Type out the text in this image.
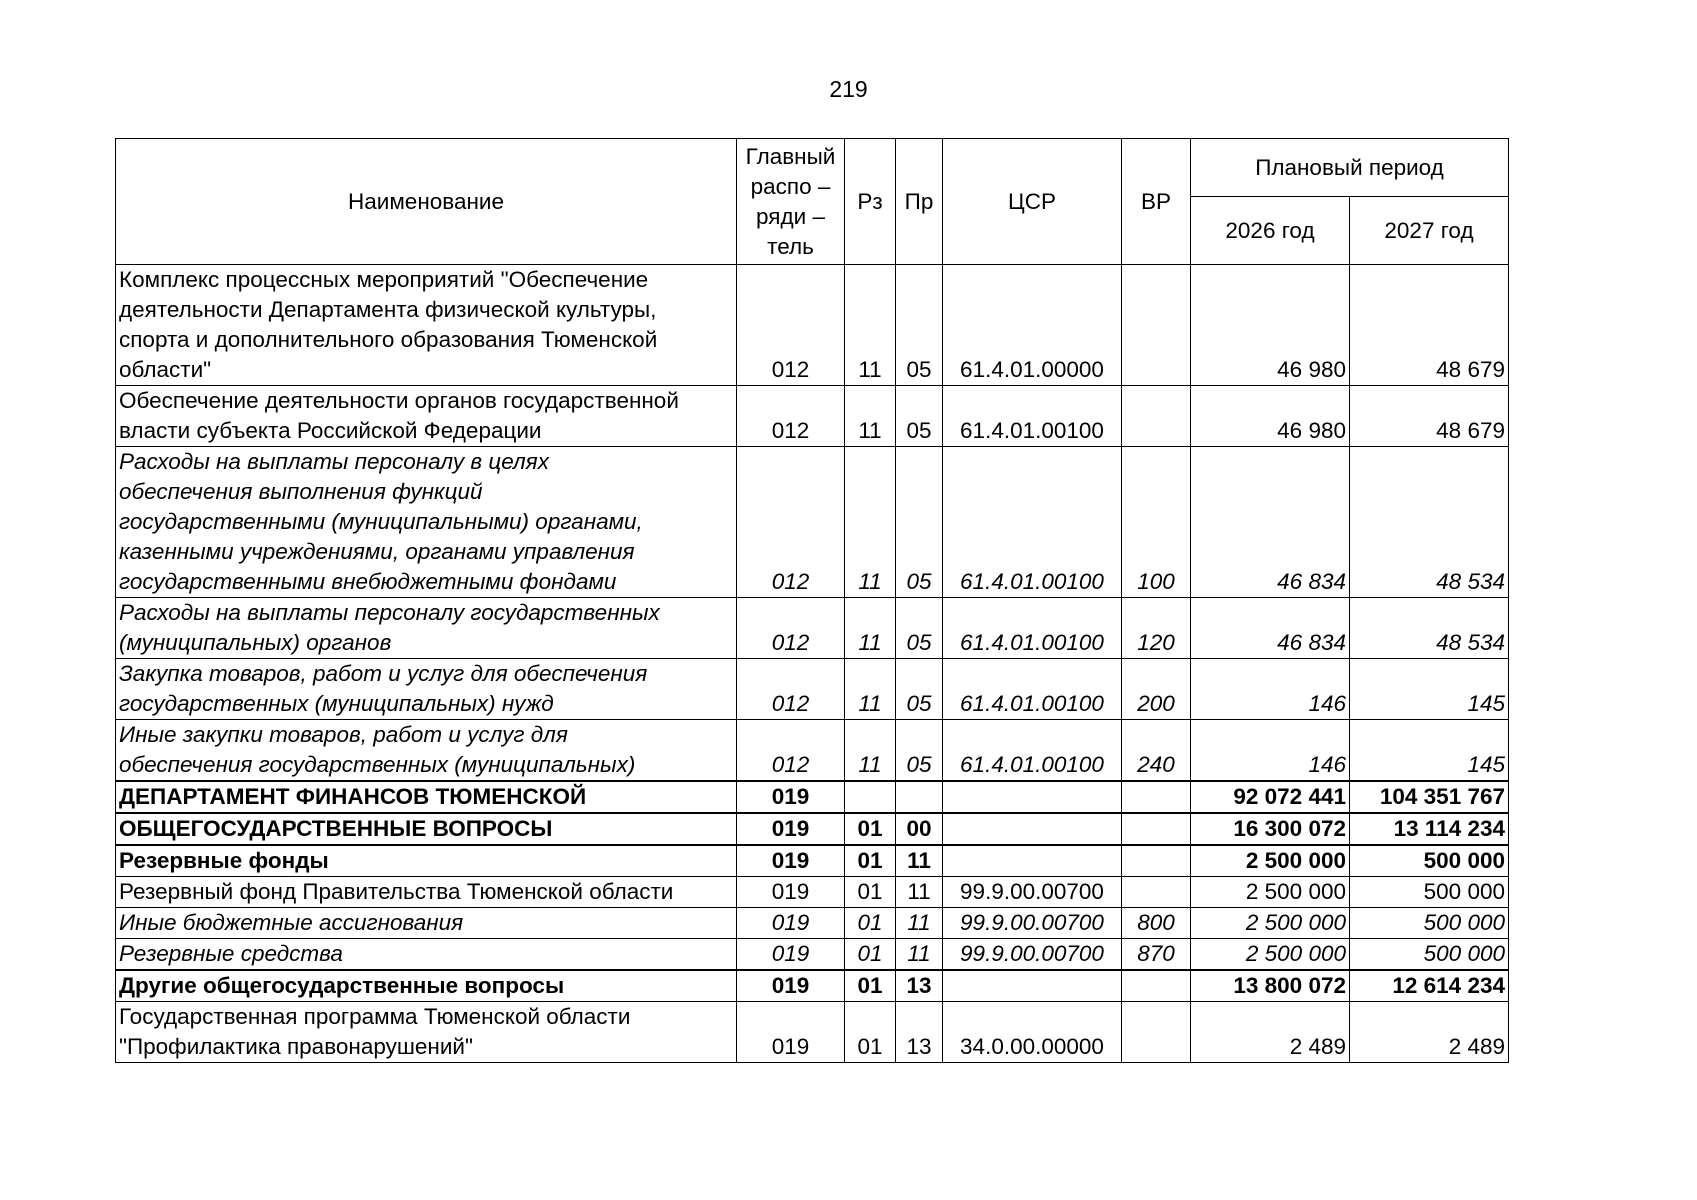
219
Наименование	Главный
распо –
ряди –
тель	Рз	Пр	ЦСР	ВР	Плановый период	
						2026 год	2027 год

Комплекс процессных мероприятий "Обеспечение
деятельности Департамента физической культуры,
спорта и дополнительного образования Тюменской
области"	012	11	05	61.4.01.00000		46 980	48 679

Обеспечение деятельности органов государственной
власти субъекта Российской Федерации	012	11	05	61.4.01.00100		46 980	48 679

Расходы на выплаты персоналу в целях
обеспечения выполнения функций
государственными (муниципальными) органами,
казенными учреждениями, органами управления
государственными внебюджетными фондами	012	11	05	61.4.01.00100	100	46 834	48 534

Расходы на выплаты персоналу государственных
(муниципальных) органов	012	11	05	61.4.01.00100	120	46 834	48 534

Закупка товаров, работ и услуг для обеспечения
государственных (муниципальных) нужд	012	11	05	61.4.01.00100	200	146	145

Иные закупки товаров, работ и услуг для
обеспечения государственных (муниципальных)	012	11	05	61.4.01.00100	240	146	145

ДЕПАРТАМЕНТ ФИНАНСОВ ТЮМЕНСКОЙ	019					92 072 441	104 351 767

ОБЩЕГОСУДАРСТВЕННЫЕ ВОПРОСЫ	019	01	00			16 300 072	13 114 234

Резервные фонды	019	01	11			2 500 000	500 000

Резервный фонд Правительства Тюменской области	019	01	11	99.9.00.00700		2 500 000	500 000

Иные бюджетные ассигнования	019	01	11	99.9.00.00700	800	2 500 000	500 000

Резервные средства	019	01	11	99.9.00.00700	870	2 500 000	500 000

Другие общегосударственные вопросы	019	01	13			13 800 072	12 614 234

Государственная программа Тюменской области
"Профилактика правонарушений"	019	01	13	34.0.00.00000		2 489	2 489
